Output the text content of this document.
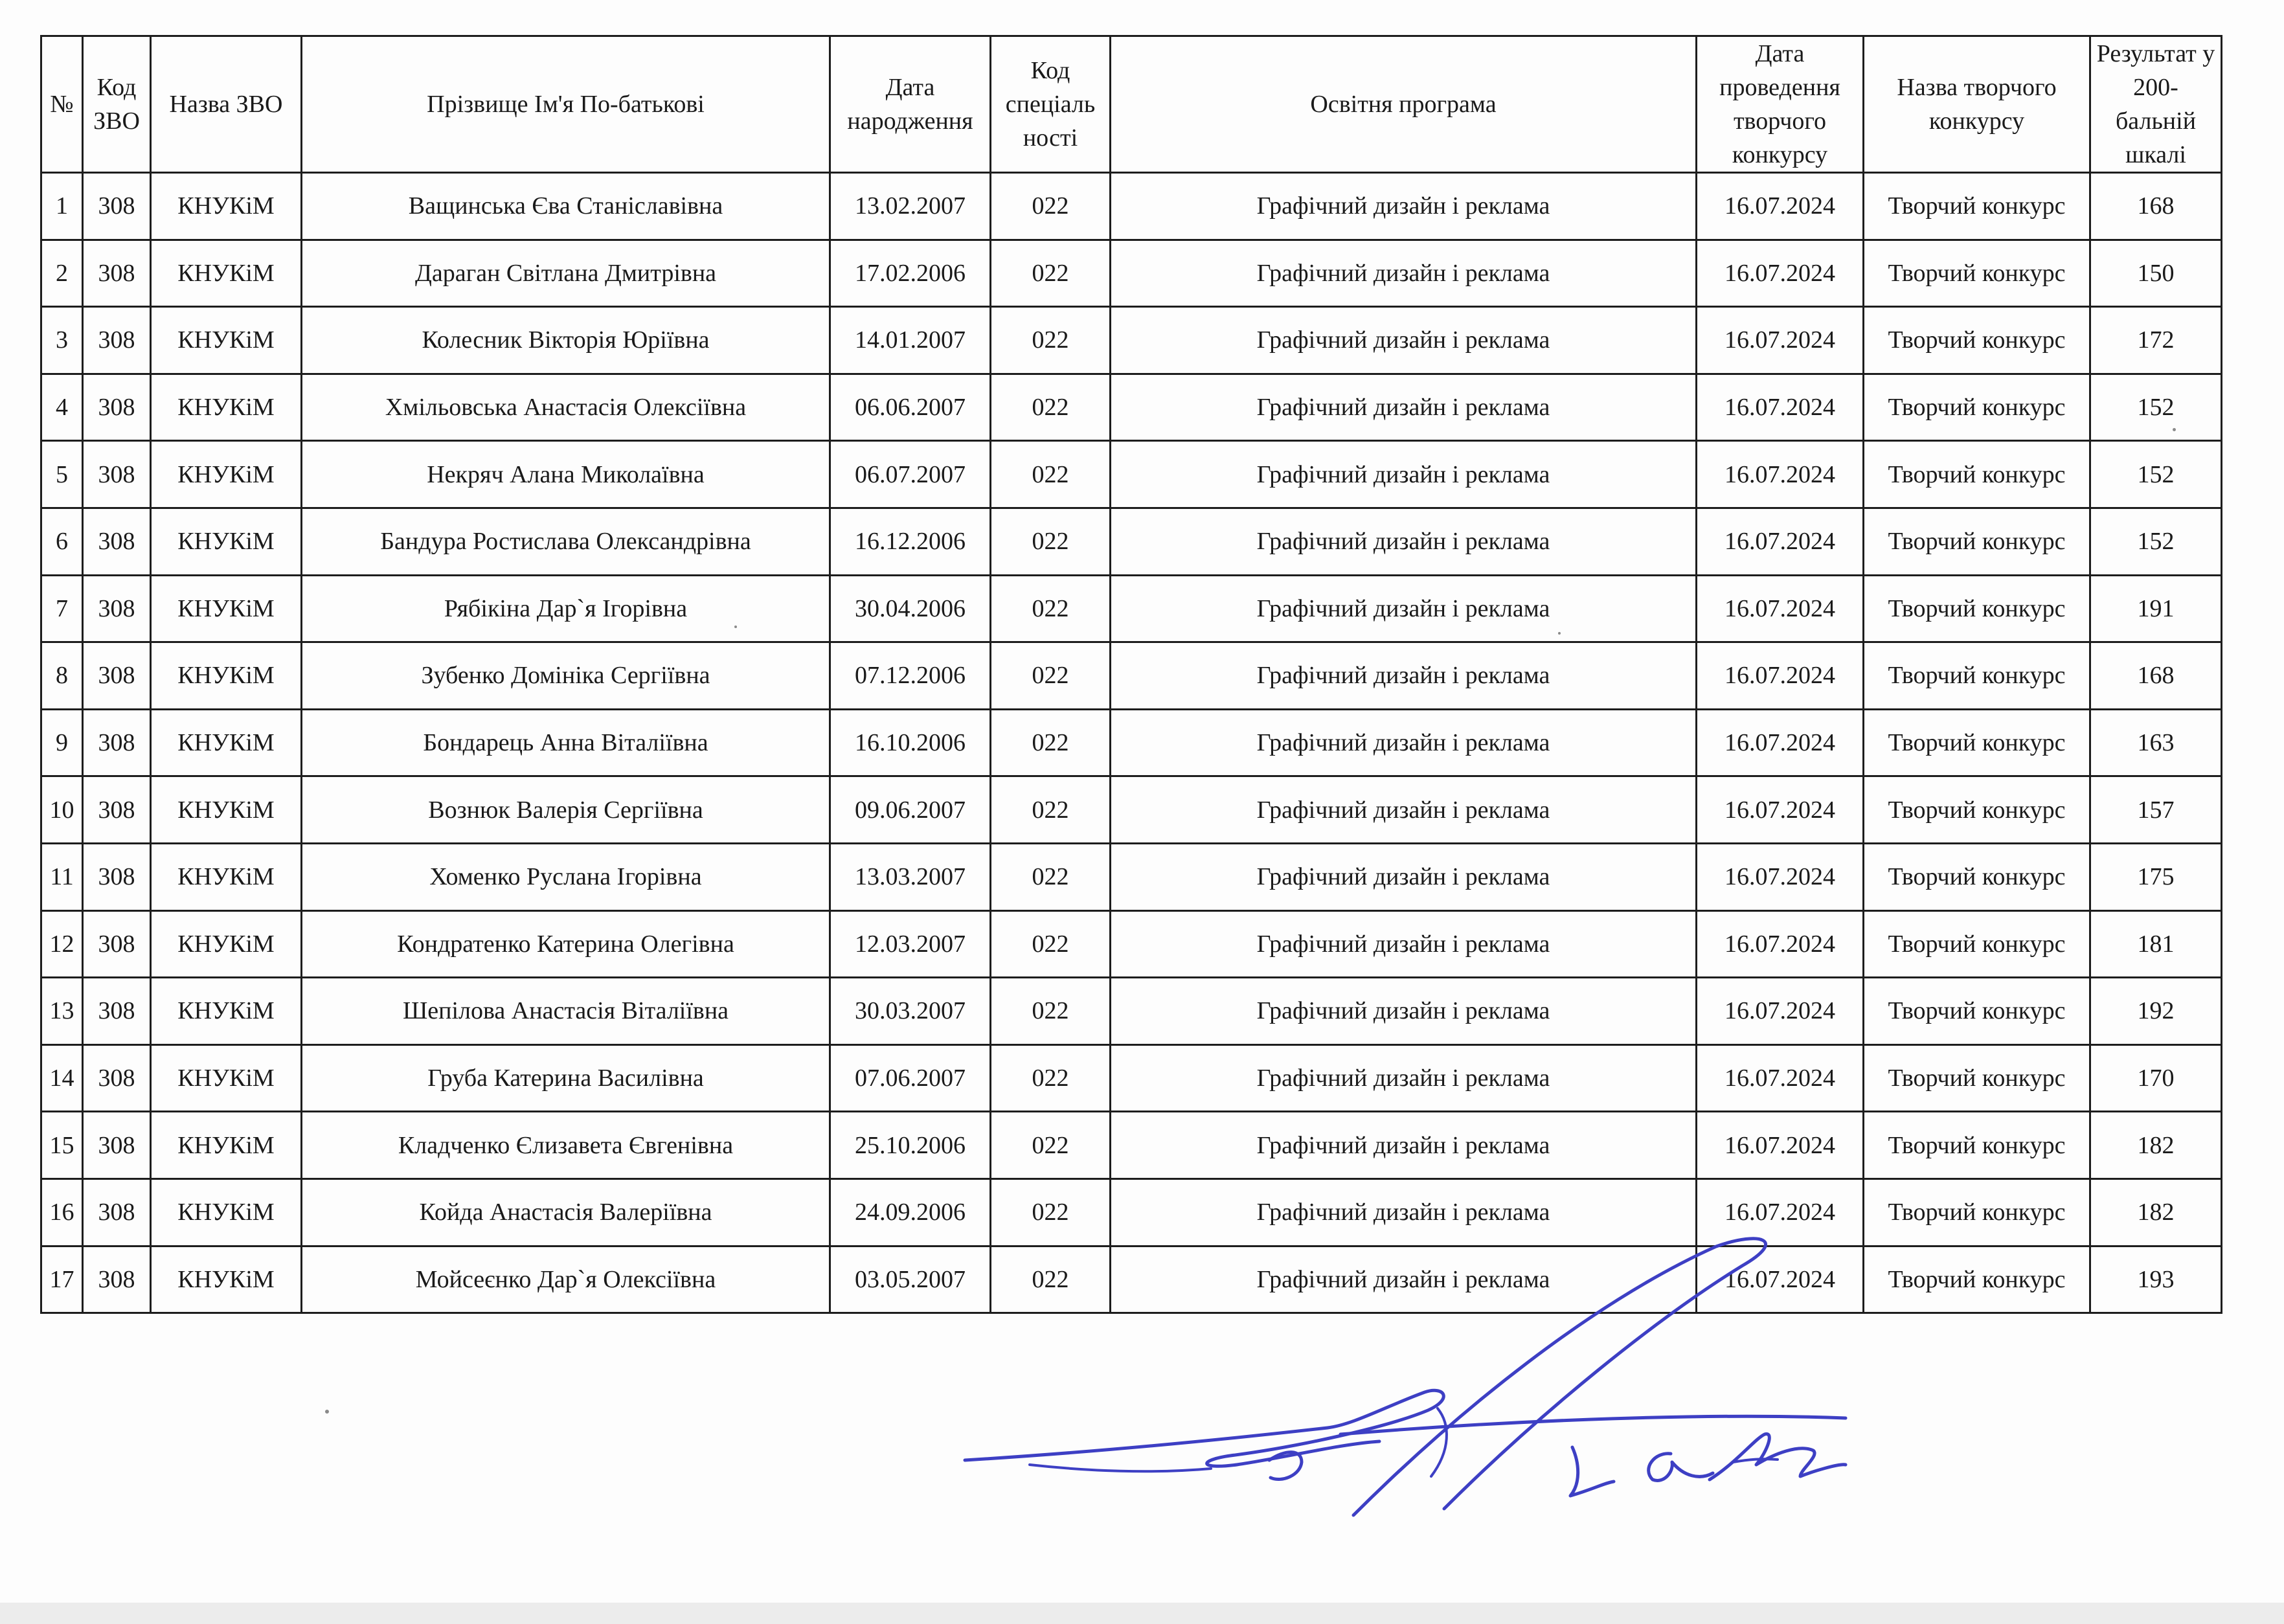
№	Код ЗВО	Назва ЗВО	Прізвище Ім'я По-батькові	Дата народження	Код спеціаль ності	Освітня програма	Дата проведення творчого конкурсу	Назва творчого конкурсу	Результат у 200-бальній шкалі
1	308	КНУКіМ	Ващинська Єва Станіславівна	13.02.2007	022	Графічний дизайн і реклама	16.07.2024	Творчий конкурс	168
2	308	КНУКіМ	Дараган Світлана Дмитрівна	17.02.2006	022	Графічний дизайн і реклама	16.07.2024	Творчий конкурс	150
3	308	КНУКіМ	Колесник Вікторія Юріївна	14.01.2007	022	Графічний дизайн і реклама	16.07.2024	Творчий конкурс	172
4	308	КНУКіМ	Хмільовська Анастасія Олексіївна	06.06.2007	022	Графічний дизайн і реклама	16.07.2024	Творчий конкурс	152
5	308	КНУКіМ	Некряч Алана Миколаївна	06.07.2007	022	Графічний дизайн і реклама	16.07.2024	Творчий конкурс	152
6	308	КНУКіМ	Бандура Ростислава Олександрівна	16.12.2006	022	Графічний дизайн і реклама	16.07.2024	Творчий конкурс	152
7	308	КНУКіМ	Рябікіна Дар`я Ігорівна	30.04.2006	022	Графічний дизайн і реклама	16.07.2024	Творчий конкурс	191
8	308	КНУКіМ	Зубенко Домініка Сергіївна	07.12.2006	022	Графічний дизайн і реклама	16.07.2024	Творчий конкурс	168
9	308	КНУКіМ	Бондарець Анна Віталіївна	16.10.2006	022	Графічний дизайн і реклама	16.07.2024	Творчий конкурс	163
10	308	КНУКіМ	Вознюк Валерія Сергіївна	09.06.2007	022	Графічний дизайн і реклама	16.07.2024	Творчий конкурс	157
11	308	КНУКіМ	Хоменко Руслана Ігорівна	13.03.2007	022	Графічний дизайн і реклама	16.07.2024	Творчий конкурс	175
12	308	КНУКіМ	Кондратенко Катерина Олегівна	12.03.2007	022	Графічний дизайн і реклама	16.07.2024	Творчий конкурс	181
13	308	КНУКіМ	Шепілова Анастасія Віталіївна	30.03.2007	022	Графічний дизайн і реклама	16.07.2024	Творчий конкурс	192
14	308	КНУКіМ	Груба Катерина Василівна	07.06.2007	022	Графічний дизайн і реклама	16.07.2024	Творчий конкурс	170
15	308	КНУКіМ	Кладченко Єлизавета Євгенівна	25.10.2006	022	Графічний дизайн і реклама	16.07.2024	Творчий конкурс	182
16	308	КНУКіМ	Койда Анастасія Валеріївна	24.09.2006	022	Графічний дизайн і реклама	16.07.2024	Творчий конкурс	182
17	308	КНУКіМ	Мойсеєнко Дар`я Олексіївна	03.05.2007	022	Графічний дизайн і реклама	16.07.2024	Творчий конкурс	193
